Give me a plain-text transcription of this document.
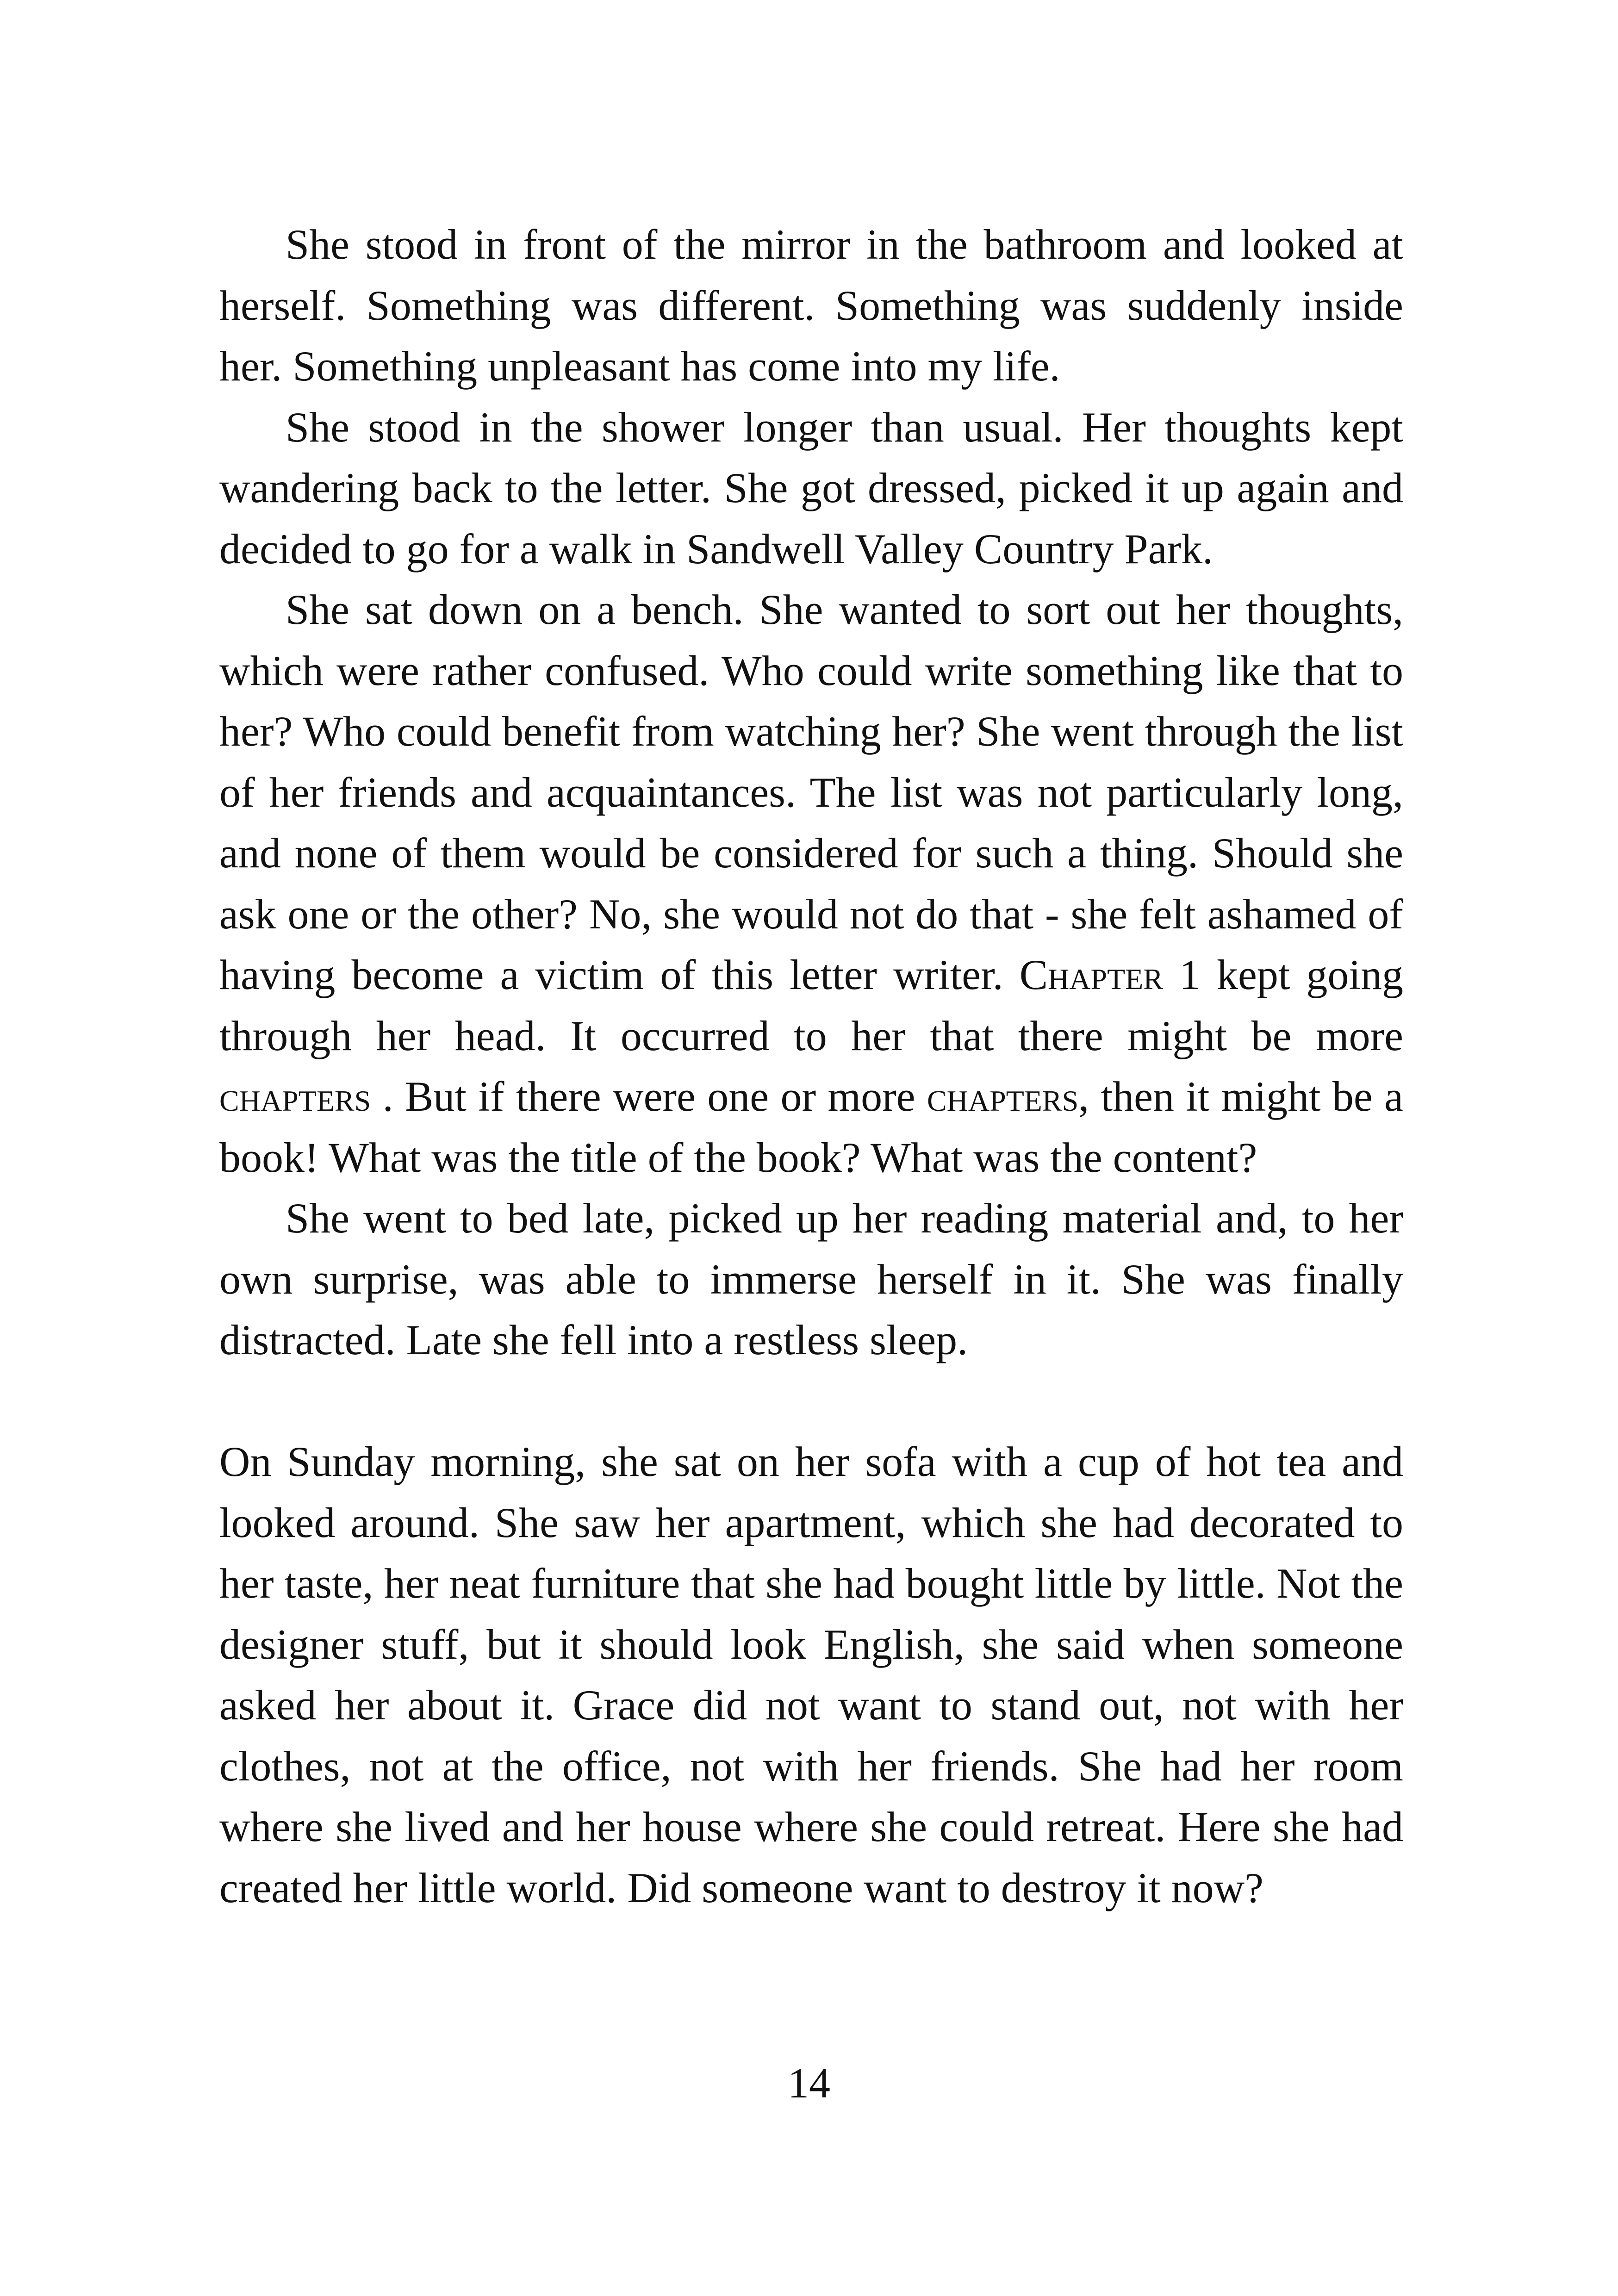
She stood in front of the mirror in the bathroom and looked at herself. Something was different. Something was suddenly inside her. Something unpleasant has come into my life.

She stood in the shower longer than usual. Her thoughts kept wandering back to the letter. She got dressed, picked it up again and decided to go for a walk in Sandwell Valley Country Park.

She sat down on a bench. She wanted to sort out her thoughts, which were rather confused. Who could write something like that to her? Who could benefit from watching her? She went through the list of her friends and acquaintances. The list was not particularly long, and none of them would be considered for such a thing. Should she ask one or the other? No, she would not do that - she felt ashamed of having become a victim of this letter writer. Chapter 1 kept going through her head. It occurred to her that there might be more chapters . But if there were one or more chapters, then it might be a book! What was the title of the book? What was the content?

She went to bed late, picked up her reading material and, to her own surprise, was able to immerse herself in it. She was finally distracted. Late she fell into a restless sleep.

On Sunday morning, she sat on her sofa with a cup of hot tea and looked around. She saw her apartment, which she had decorated to her taste, her neat furniture that she had bought little by little. Not the designer stuff, but it should look English, she said when someone asked her about it. Grace did not want to stand out, not with her clothes, not at the office, not with her friends. She had her room where she lived and her house where she could retreat. Here she had created her little world. Did someone want to destroy it now?

14
